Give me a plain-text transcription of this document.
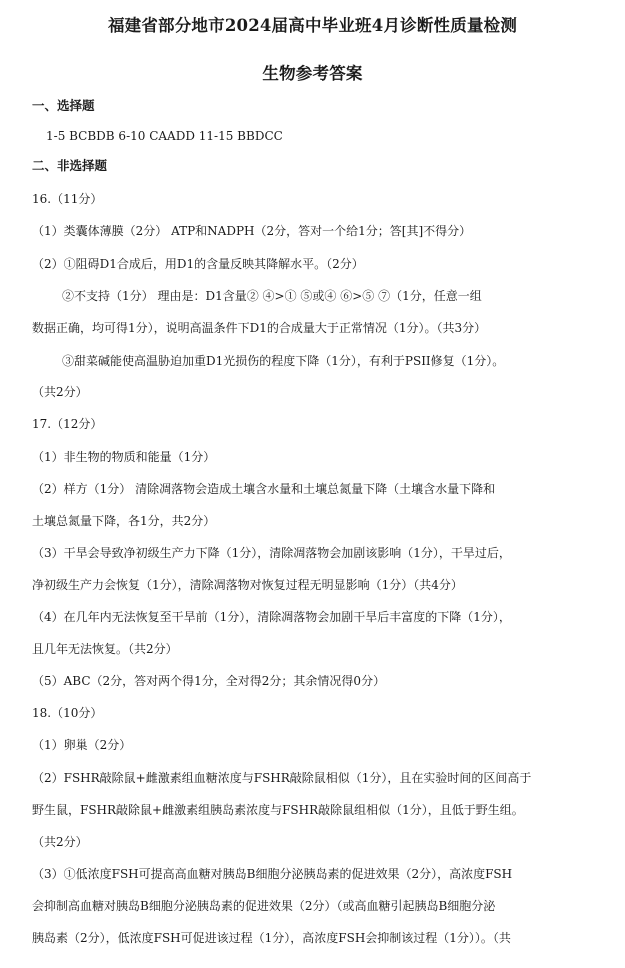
福建省部分地市2024届高中毕业班4月诊断性质量检测
生物参考答案
一、选择题
1-5 BCBDB 6-10 CAADD 11-15 BBDCC
二、非选择题
16.（11分）
（1）类囊体薄膜（2分） ATP和NADPH（2分，答对一个给1分；答[其]不得分）
（2）①阻碍D1合成后，用D1的含量反映其降解水平。（2分）
②不支持（1分） 理由是：D1含量② ④>① ⑤或④ ⑥>⑤ ⑦（1分，任意一组
数据正确，均可得1分），说明高温条件下D1的合成量大于正常情况（1分）。（共3分）
③甜菜碱能使高温胁迫加重D1光损伤的程度下降（1分），有利于PSII修复（1分）。
（共2分）
17.（12分）
（1）非生物的物质和能量（1分）
（2）样方（1分） 清除凋落物会造成土壤含水量和土壤总氮量下降（土壤含水量下降和
土壤总氮量下降，各1分，共2分）
（3）干旱会导致净初级生产力下降（1分），清除凋落物会加剧该影响（1分），干旱过后，
净初级生产力会恢复（1分），清除凋落物对恢复过程无明显影响（1分）（共4分）
（4）在几年内无法恢复至干旱前（1分），清除凋落物会加剧干旱后丰富度的下降（1分），
且几年无法恢复。（共2分）
（5）ABC（2分，答对两个得1分，全对得2分；其余情况得0分）
18.（10分）
（1）卵巢（2分）
（2）FSHR敲除鼠+雌激素组血糖浓度与FSHR敲除鼠相似（1分），且在实验时间的区间高于
野生鼠，FSHR敲除鼠+雌激素组胰岛素浓度与FSHR敲除鼠组相似（1分），且低于野生组。
（共2分）
（3）①低浓度FSH可提高高血糖对胰岛B细胞分泌胰岛素的促进效果（2分），高浓度FSH
会抑制高血糖对胰岛B细胞分泌胰岛素的促进效果（2分）（或高血糖引起胰岛B细胞分泌
胰岛素（2分），低浓度FSH可促进该过程（1分），高浓度FSH会抑制该过程（1分））。（共
